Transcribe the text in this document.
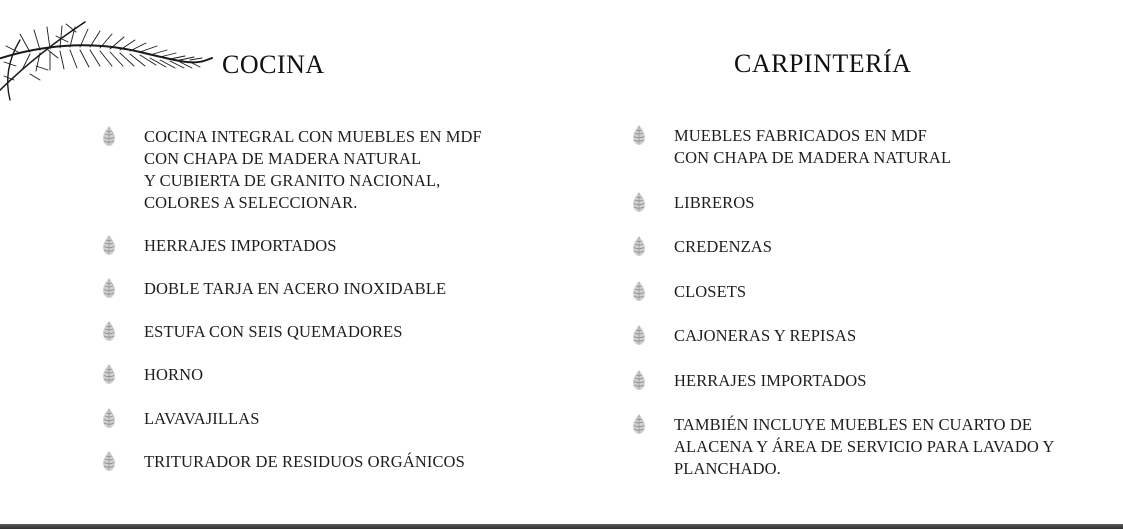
COCINA
COCINA INTEGRAL CON MUEBLES EN MDF
CON CHAPA DE MADERA NATURAL
Y CUBIERTA DE GRANITO NACIONAL,
COLORES A SELECCIONAR.
HERRAJES IMPORTADOS
DOBLE TARJA EN ACERO INOXIDABLE
ESTUFA CON SEIS QUEMADORES
HORNO
LAVAVAJILLAS
TRITURADOR DE RESIDUOS ORGÁNICOS
CARPINTERÍA
MUEBLES FABRICADOS EN MDF
CON CHAPA DE MADERA NATURAL
LIBREROS
CREDENZAS
CLOSETS
CAJONERAS Y REPISAS
HERRAJES IMPORTADOS
TAMBIÉN INCLUYE MUEBLES EN CUARTO DE
ALACENA Y ÁREA DE SERVICIO PARA LAVADO Y
PLANCHADO.
